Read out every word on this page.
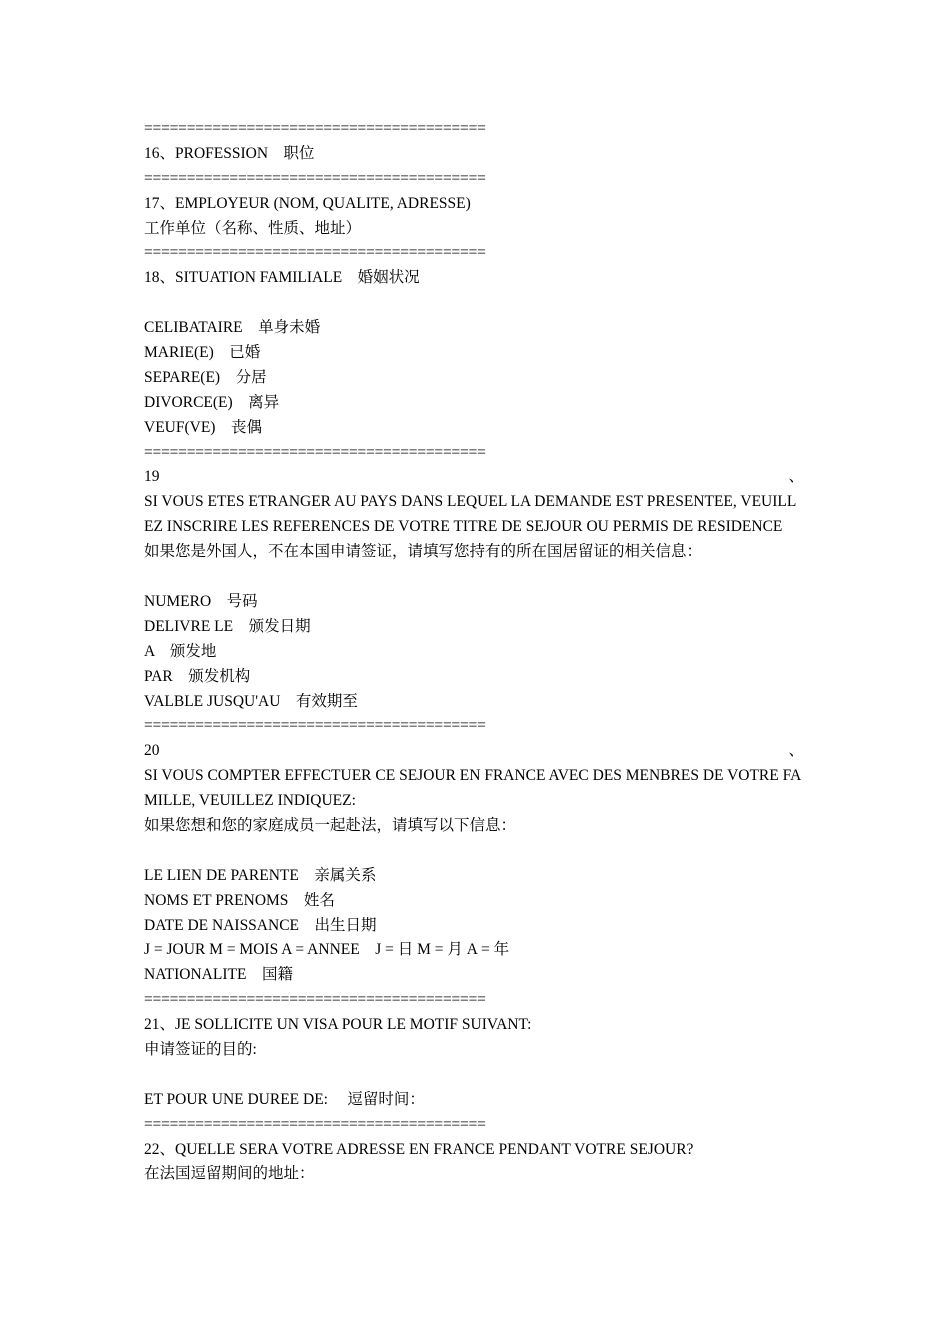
========================================
16、PROFESSION　职位
========================================
17、EMPLOYEUR (NOM, QUALITE, ADRESSE)
工作单位（名称、性质、地址）
========================================
18、SITUATION FAMILIALE　婚姻状况
CELIBATAIRE　单身未婚
MARIE(E)　已婚
SEPARE(E)　分居
DIVORCE(E)　离异
VEUF(VE)　丧偶
========================================
19	、
SI VOUS ETES ETRANGER AU PAYS DANS LEQUEL LA DEMANDE EST PRESENTEE, VEUILLEZ INSCRIRE LES REFERENCES DE VOTRE TITRE DE SEJOUR OU PERMIS DE RESIDENCE
如果您是外国人，不在本国申请签证，请填写您持有的所在国居留证的相关信息：
NUMERO　号码
DELIVRE LE　颁发日期
A　颁发地
PAR　颁发机构
VALBLE JUSQU'AU　有效期至
========================================
20	、
SI VOUS COMPTER EFFECTUER CE SEJOUR EN FRANCE AVEC DES MENBRES DE VOTRE FAMILLE, VEUILLEZ INDIQUEZ:
如果您想和您的家庭成员一起赴法，请填写以下信息：
LE LIEN DE PARENTE　亲属关系
NOMS ET PRENOMS　姓名
DATE DE NAISSANCE　出生日期
J = JOUR M = MOIS A = ANNEE　J = 日 M = 月 A = 年
NATIONALITE　国籍
========================================
21、JE SOLLICITE UN VISA POUR LE MOTIF SUIVANT:
申请签证的目的:
ET POUR UNE DUREE DE:　 逗留时间：
========================================
22、QUELLE SERA VOTRE ADRESSE EN FRANCE PENDANT VOTRE SEJOUR?
在法国逗留期间的地址：
